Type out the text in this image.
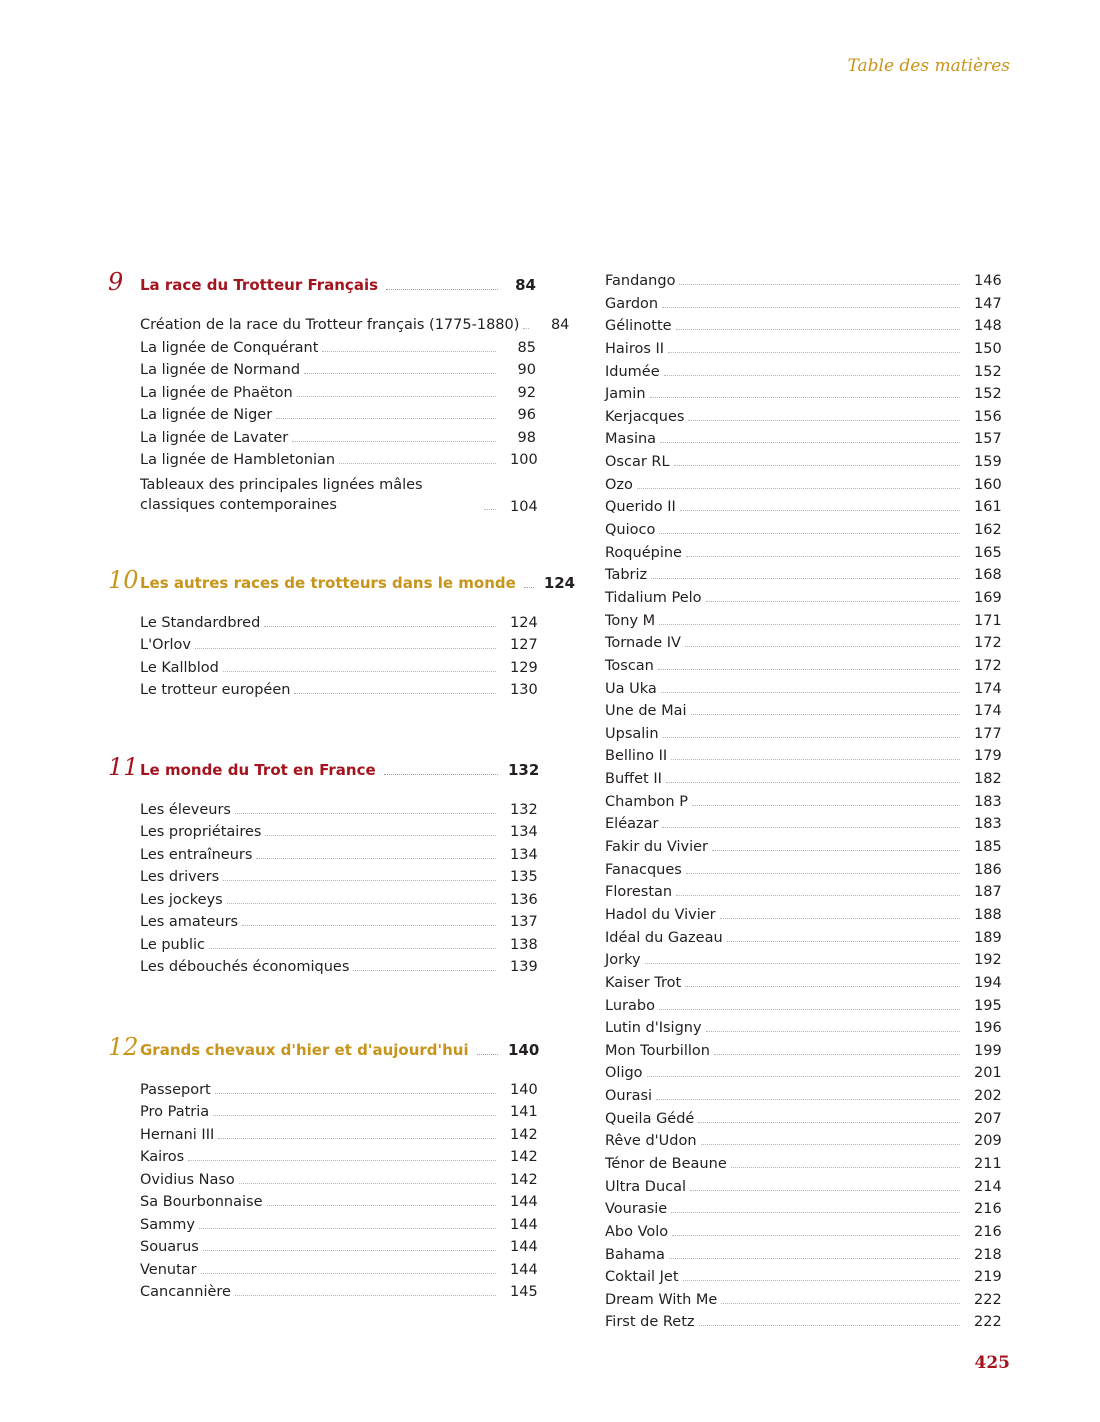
Table des matières
9	La race du Trotteur Français	84
Création de la race du Trotteur français (1775-1880)	84
La lignée de Conquérant	85
La lignée de Normand	90
La lignée de Phaëton	92
La lignée de Niger	96
La lignée de Lavater	98
La lignée de Hambletonian	100
Tableaux des principales lignées mâles classiques contemporaines	104
10 Les autres races de trotteurs dans le monde 124
Le Standardbred	124
L'Orlov	127
Le Kallblod	129
Le trotteur européen	130
11 Le monde du Trot en France	132
Les éleveurs	132
Les propriétaires	134
Les entraîneurs	134
Les drivers	135
Les jockeys	136
Les amateurs	137
Le public	138
Les débouchés économiques	139
12 Grands chevaux d'hier et d'aujourd'hui	140
Passeport	140
Pro Patria	141
Hernani III	142
Kairos	142
Ovidius Naso	142
Sa Bourbonnaise	144
Sammy	144
Souarus	144
Venutar	144
Cancannière	145
Fandango	146
Gardon	147
Gélinotte	148
Hairos II	150
Idumée	152
Jamin	152
Kerjacques	156
Masina	157
Oscar RL	159
Ozo	160
Querido II	161
Quioco	162
Roquépine	165
Tabriz	168
Tidalium Pelo	169
Tony M	171
Tornade IV	172
Toscan	172
Ua Uka	174
Une de Mai	174
Upsalin	177
Bellino II	179
Buffet II	182
Chambon P	183
Eléazar	183
Fakir du Vivier	185
Fanacques	186
Florestan	187
Hadol du Vivier	188
Idéal du Gazeau	189
Jorky	192
Kaiser Trot	194
Lurabo	195
Lutin d'Isigny	196
Mon Tourbillon	199
Oligo	201
Ourasi	202
Queila Gédé	207
Rêve d'Udon	209
Ténor de Beaune	211
Ultra Ducal	214
Vourasie	216
Abo Volo	216
Bahama	218
Coktail Jet	219
Dream With Me	222
First de Retz	222
425
